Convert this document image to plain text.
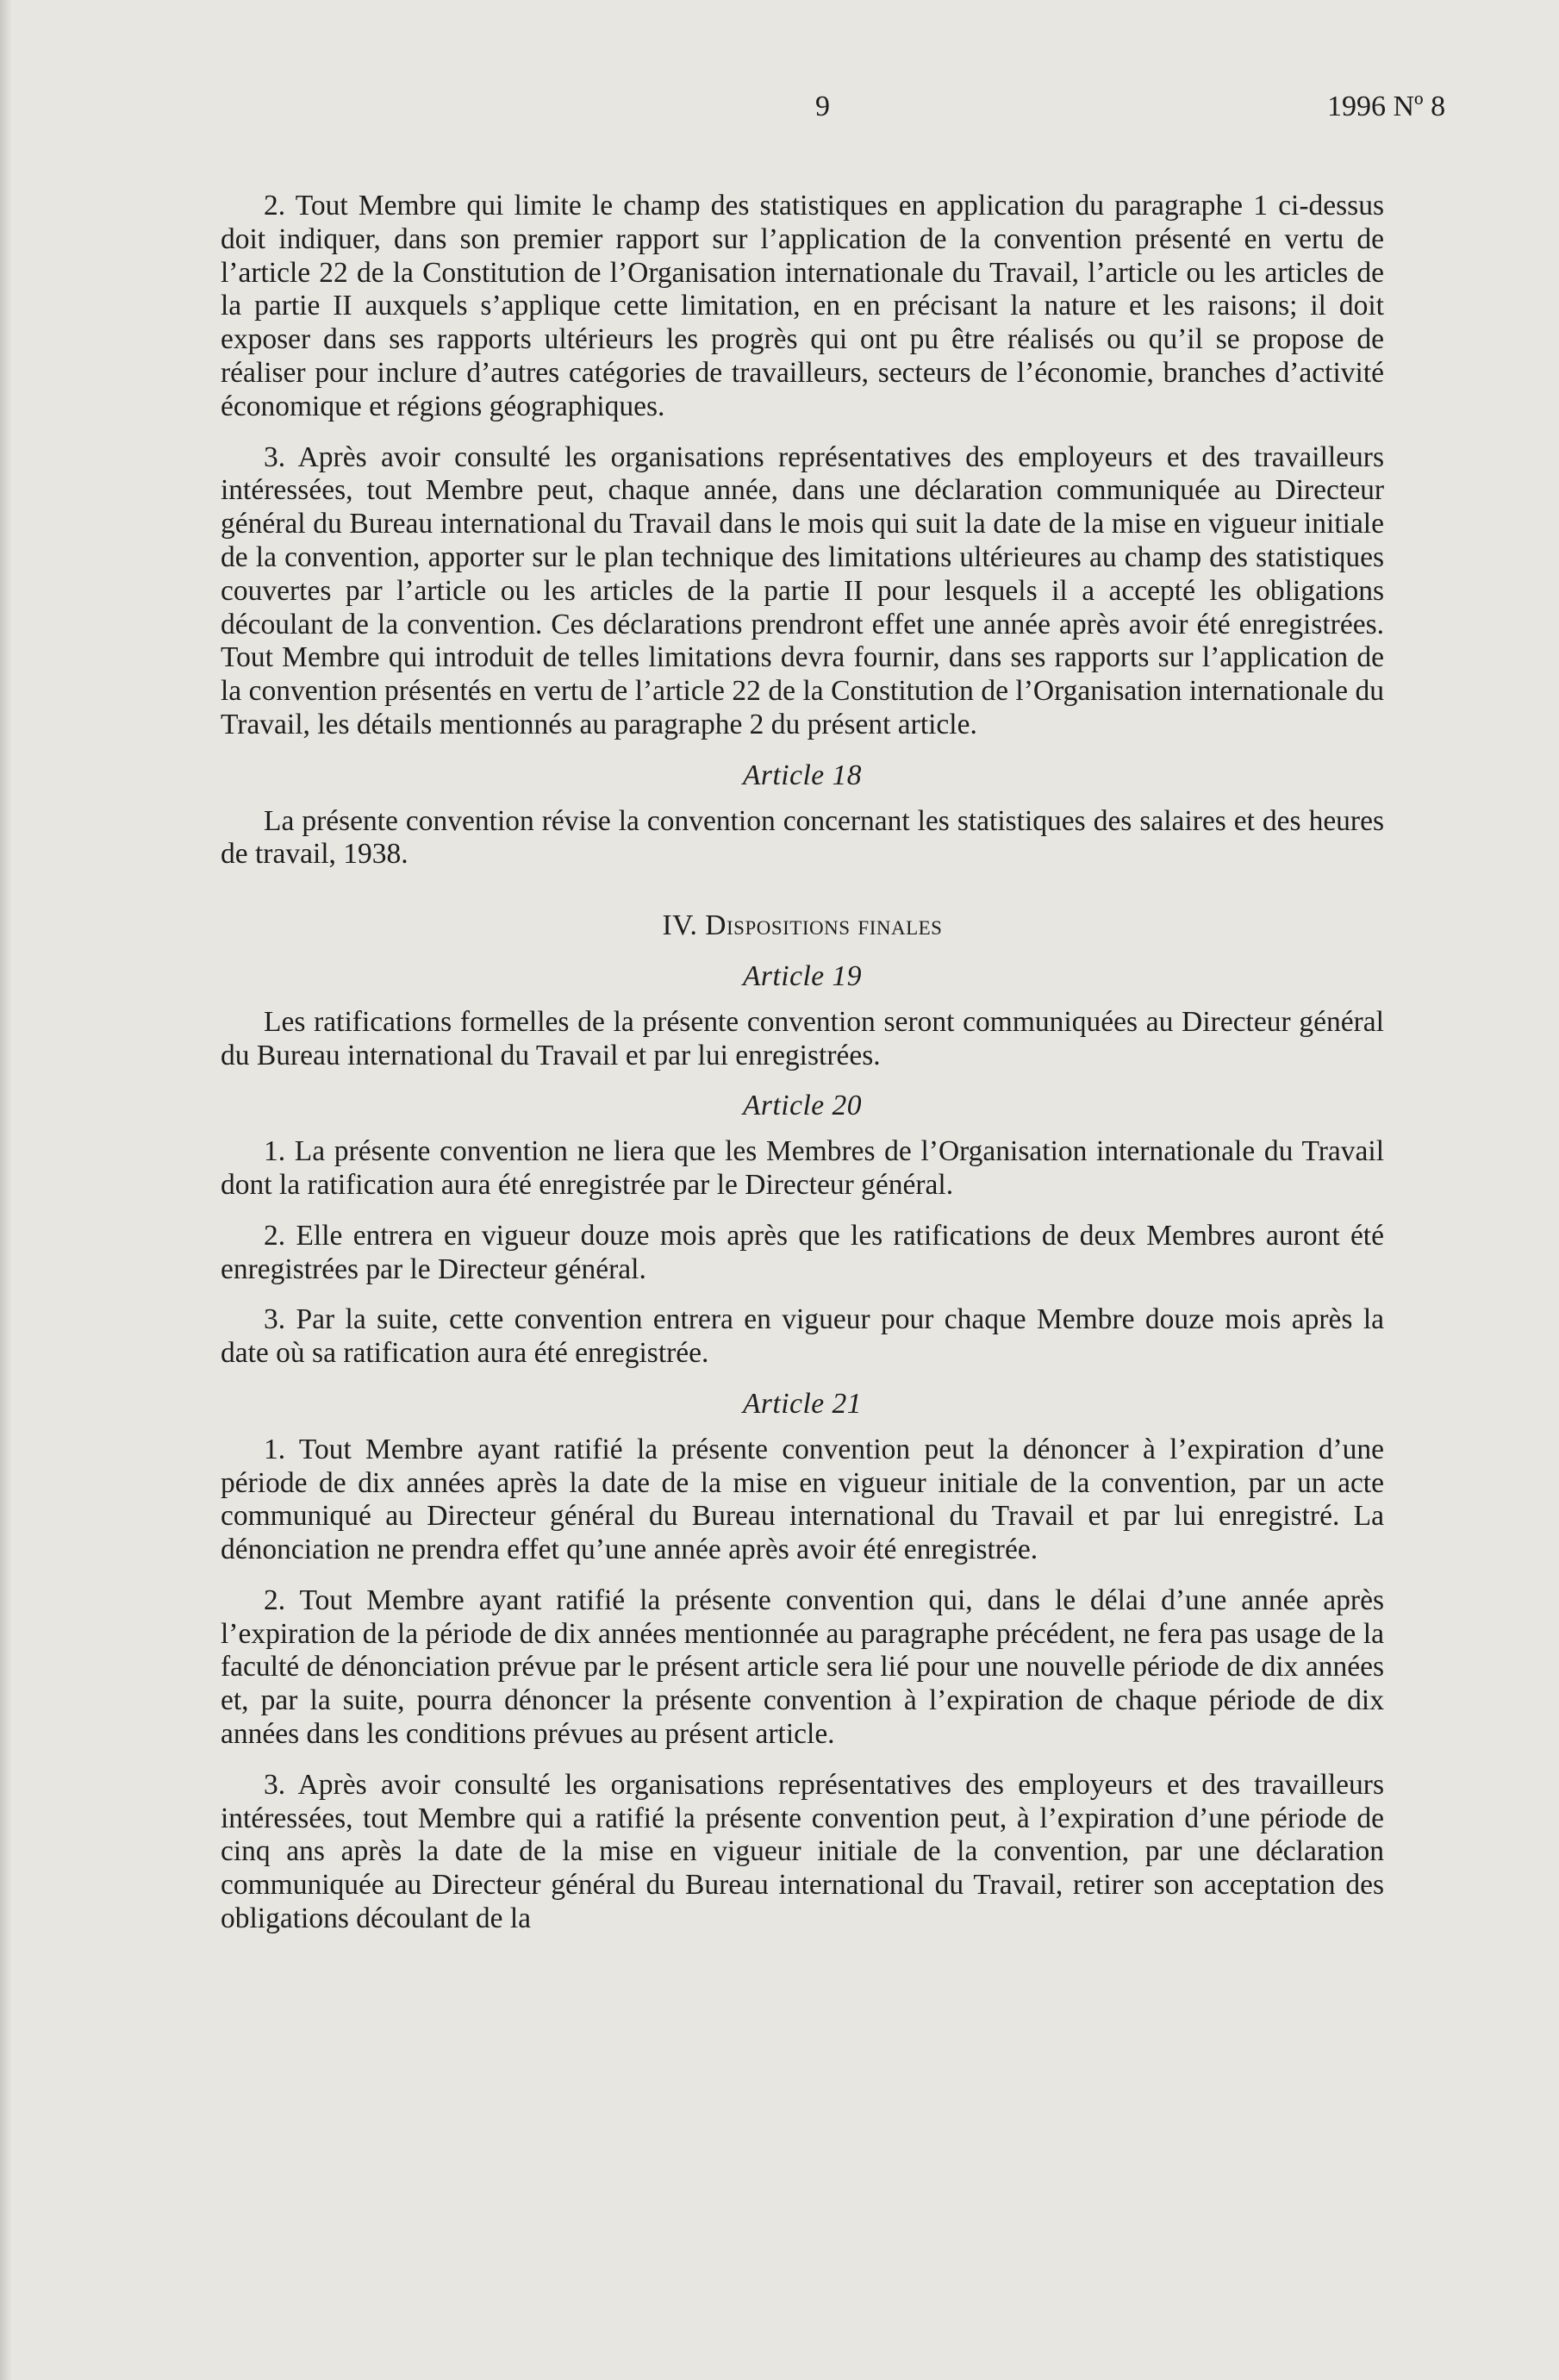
9	1996 Nº 8

2. Tout Membre qui limite le champ des statistiques en application du paragraphe 1 ci-dessus doit indiquer, dans son premier rapport sur l’application de la convention présenté en vertu de l’article 22 de la Constitution de l’Organisation internationale du Travail, l’article ou les articles de la partie II auxquels s’applique cette limitation, en en précisant la nature et les raisons; il doit exposer dans ses rapports ultérieurs les progrès qui ont pu être réalisés ou qu’il se propose de réaliser pour inclure d’autres catégories de travailleurs, secteurs de l’économie, branches d’activité économique et régions géographiques.

3. Après avoir consulté les organisations représentatives des employeurs et des travailleurs intéressées, tout Membre peut, chaque année, dans une déclaration communiquée au Directeur général du Bureau international du Travail dans le mois qui suit la date de la mise en vigueur initiale de la convention, apporter sur le plan technique des limitations ultérieures au champ des statistiques couvertes par l’article ou les articles de la partie II pour lesquels il a accepté les obligations découlant de la convention. Ces déclarations prendront effet une année après avoir été enregistrées. Tout Membre qui introduit de telles limitations devra fournir, dans ses rapports sur l’application de la convention présentés en vertu de l’article 22 de la Constitution de l’Organisation internationale du Travail, les détails mentionnés au paragraphe 2 du présent article.

Article 18

La présente convention révise la convention concernant les statistiques des salaires et des heures de travail, 1938.

IV. Dispositions finales
Article 19

Les ratifications formelles de la présente convention seront communiquées au Directeur général du Bureau international du Travail et par lui enregistrées.

Article 20

1. La présente convention ne liera que les Membres de l’Organisation internationale du Travail dont la ratification aura été enregistrée par le Directeur général.

2. Elle entrera en vigueur douze mois après que les ratifications de deux Membres auront été enregistrées par le Directeur général.

3. Par la suite, cette convention entrera en vigueur pour chaque Membre douze mois après la date où sa ratification aura été enregistrée.

Article 21

1. Tout Membre ayant ratifié la présente convention peut la dénoncer à l’expiration d’une période de dix années après la date de la mise en vigueur initiale de la convention, par un acte communiqué au Directeur général du Bureau international du Travail et par lui enregistré. La dénonciation ne prendra effet qu’une année après avoir été enregistrée.

2. Tout Membre ayant ratifié la présente convention qui, dans le délai d’une année après l’expiration de la période de dix années mentionnée au paragraphe précédent, ne fera pas usage de la faculté de dénonciation prévue par le présent article sera lié pour une nouvelle période de dix années et, par la suite, pourra dénoncer la présente convention à l’expiration de chaque période de dix années dans les conditions prévues au présent article.

3. Après avoir consulté les organisations représentatives des employeurs et des travailleurs intéressées, tout Membre qui a ratifié la présente convention peut, à l’expiration d’une période de cinq ans après la date de la mise en vigueur initiale de la convention, par une déclaration communiquée au Directeur général du Bureau international du Travail, retirer son acceptation des obligations découlant de la
